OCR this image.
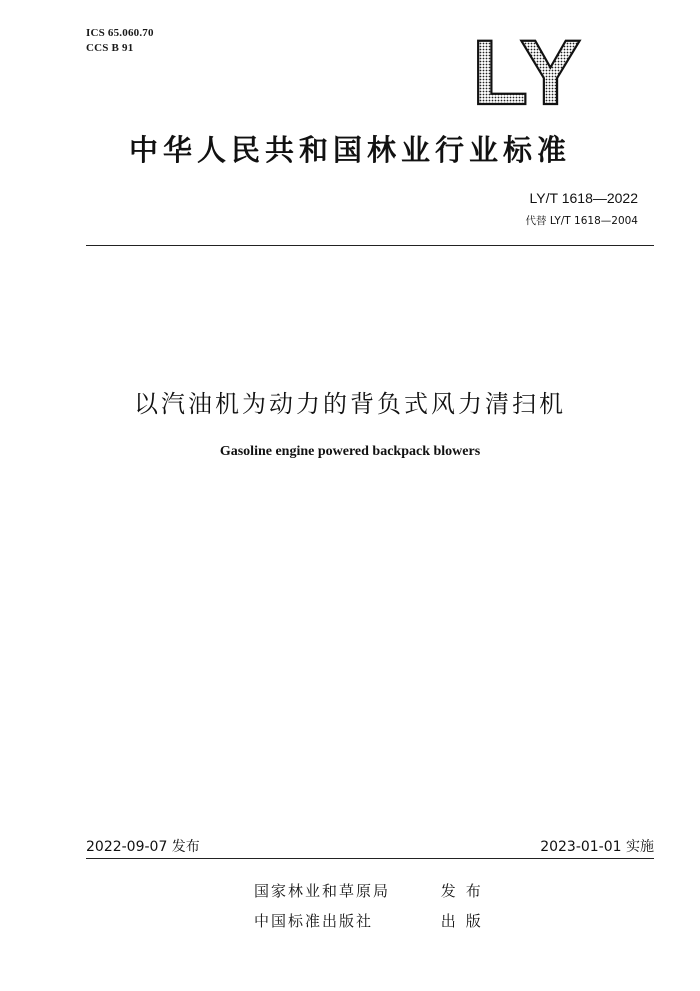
ICS 65.060.70
CCS B 91	LY
中华人民共和国林业行业标准
LY/T 1618—2022
代替 LY/T 1618—2004
以汽油机为动力的背负式风力清扫机
Gasoline engine powered backpack blowers
2022-09-07 发布	2023-01-01 实施
国家林业和草原局	发布
中国标准出版社	出版
